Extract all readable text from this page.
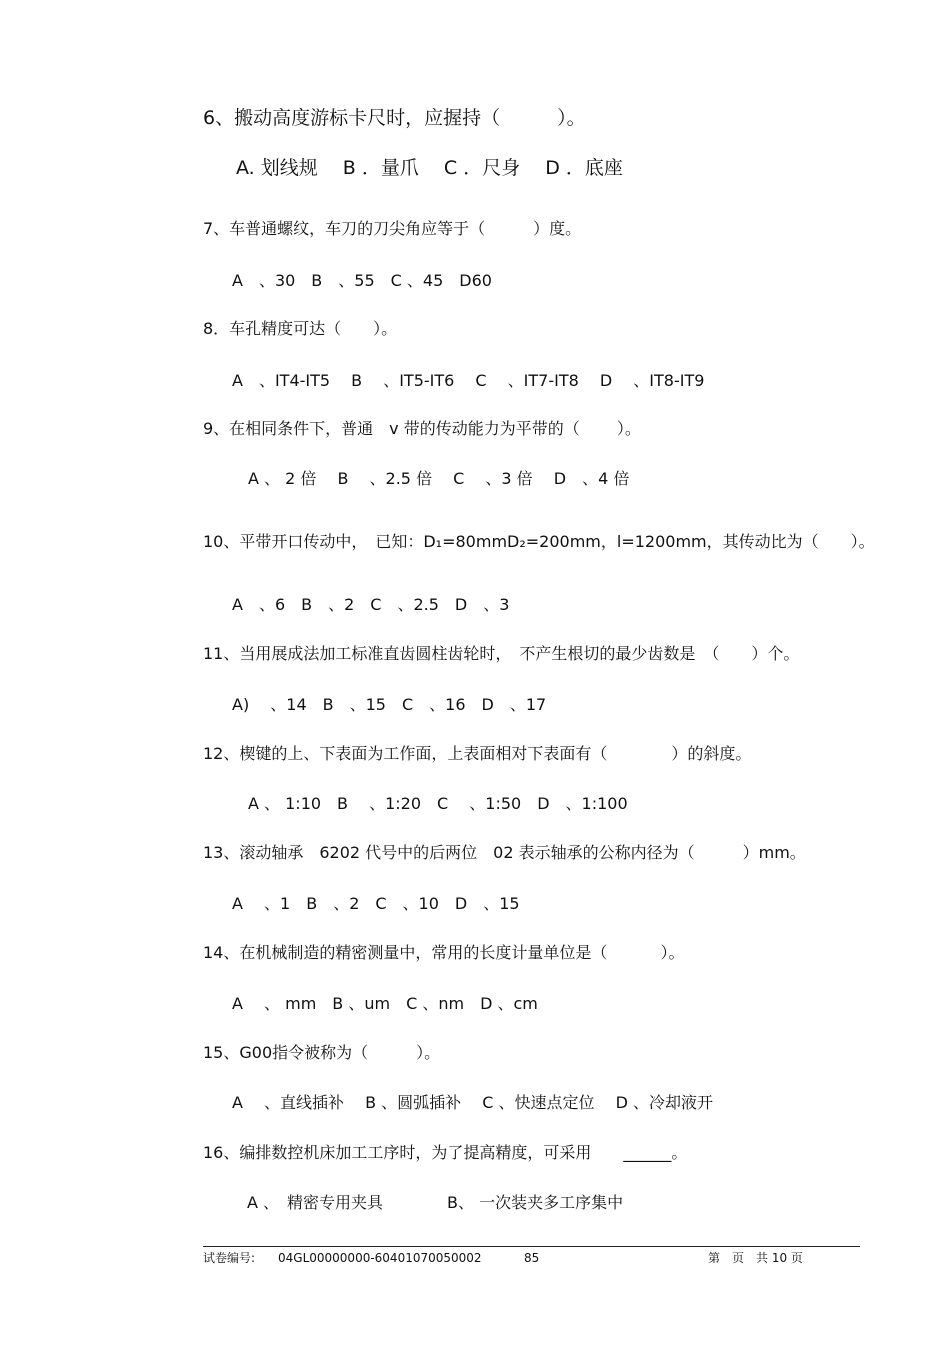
6、搬动高度游标卡尺时，应握持（　　　）。
A. 划线规　 B ．量爪　 C ．尺身　 D ．底座
7、车普通螺纹，车刀的刀尖角应等于（　　　）度。
A　、30　B　、55　C 、45　D60
8．车孔精度可达（　　）。
A　、IT4-IT5　 B　 、IT5-IT6　 C　 、IT7-IT8　 D　 、IT8-IT9
9、在相同条件下，普通　v 带的传动能力为平带的（　　 ）。
　A 、 2 倍　 B　 、2.5 倍　 C　 、3 倍　 D　、4 倍
10、平带开口传动中，　已知：D₁=80mmD₂=200mm，l=1200mm，其传动比为（　　）。
A　、6　B　、2　C　、2.5　D　、3
11、当用展成法加工标准直齿圆柱齿轮时，　不产生根切的最少齿数是　（　　）个。
A)　 、14　B　、15　C　、16　D　、17
12、楔键的上、下表面为工作面，上表面相对下表面有（　　　　）的斜度。
　A 、 1:10　B　 、1:20　C　 、1:50　D　、1:100
13、滚动轴承　6202 代号中的后两位　02 表示轴承的公称内径为（　　　）mm。
A　 、1　B　、2　C　、10　D　、15
14、在机械制造的精密测量中，常用的长度计量单位是（　　　 ）。
A　 、 mm　B 、um　C 、nm　D 、cm
15、G00指令被称为（　　　）。
A　 、直线插补　 B 、圆弧插补　 C 、快速点定位　 D 、冷却液开
16、编排数控机床加工工序时，为了提高精度，可采用　　______。
A 、　精密专用夹具　　　　B、 一次装夹多工序集中
试卷编号: 04GL00000000-60401070050002	85	第　页　共 10 页
